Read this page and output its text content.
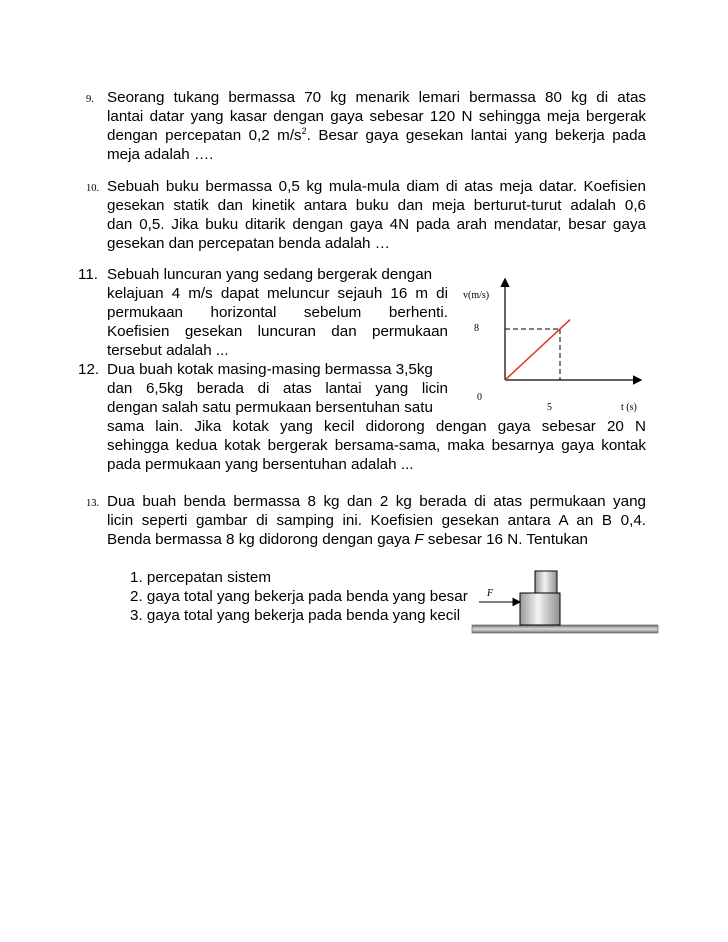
9. Seorang tukang bermassa 70 kg menarik lemari bermassa 80 kg di atas
lantai datar yang kasar dengan gaya sebesar 120 N sehingga meja bergerak
dengan percepatan 0,2 $m/s^2$. Besar gaya gesekan lantai yang bekerja pada
meja adalah ….
10. Sebuah buku bermassa 0,5 kg mula-mula diam di atas meja datar. Koefisien
gesekan statik dan kinetik antara buku dan meja berturut-turut adalah 0,6
dan 0,5. Jika buku ditarik dengan gaya 4N pada arah mendatar, besar gaya
gesekan dan percepatan benda adalah …
11. Sebuah luncuran yang sedang bergerak dengan
kelajuan 4 m/s dapat meluncur sejauh 16 m di
permukaan horizontal sebelum berhenti.
Koefisien gesekan luncuran dan permukaan
tersebut adalah ...
12. Dua buah kotak masing-masing bermassa 3,5kg
dan 6,5kg berada di atas lantai yang licin
dengan salah satu permukaan bersentuhan satu
sama lain. Jika kotak yang kecil didorong dengan gaya sebesar 20 N
sehingga kedua kotak bergerak bersama-sama, maka besarnya gaya kontak
pada permukaan yang bersentuhan adalah ...
13. Dua buah benda bermassa 8 kg dan 2 kg berada di atas permukaan yang
licin seperti gambar di samping ini. Koefisien gesekan antara A an B 0,4.
Benda bermassa 8 kg didorong dengan gaya F sebesar 16 N. Tentukan
1. percepatan sistem
2. gaya total yang bekerja pada benda yang besar
3. gaya total yang bekerja pada benda yang kecil
v(m/s)
8
0
5	t (s)
F
